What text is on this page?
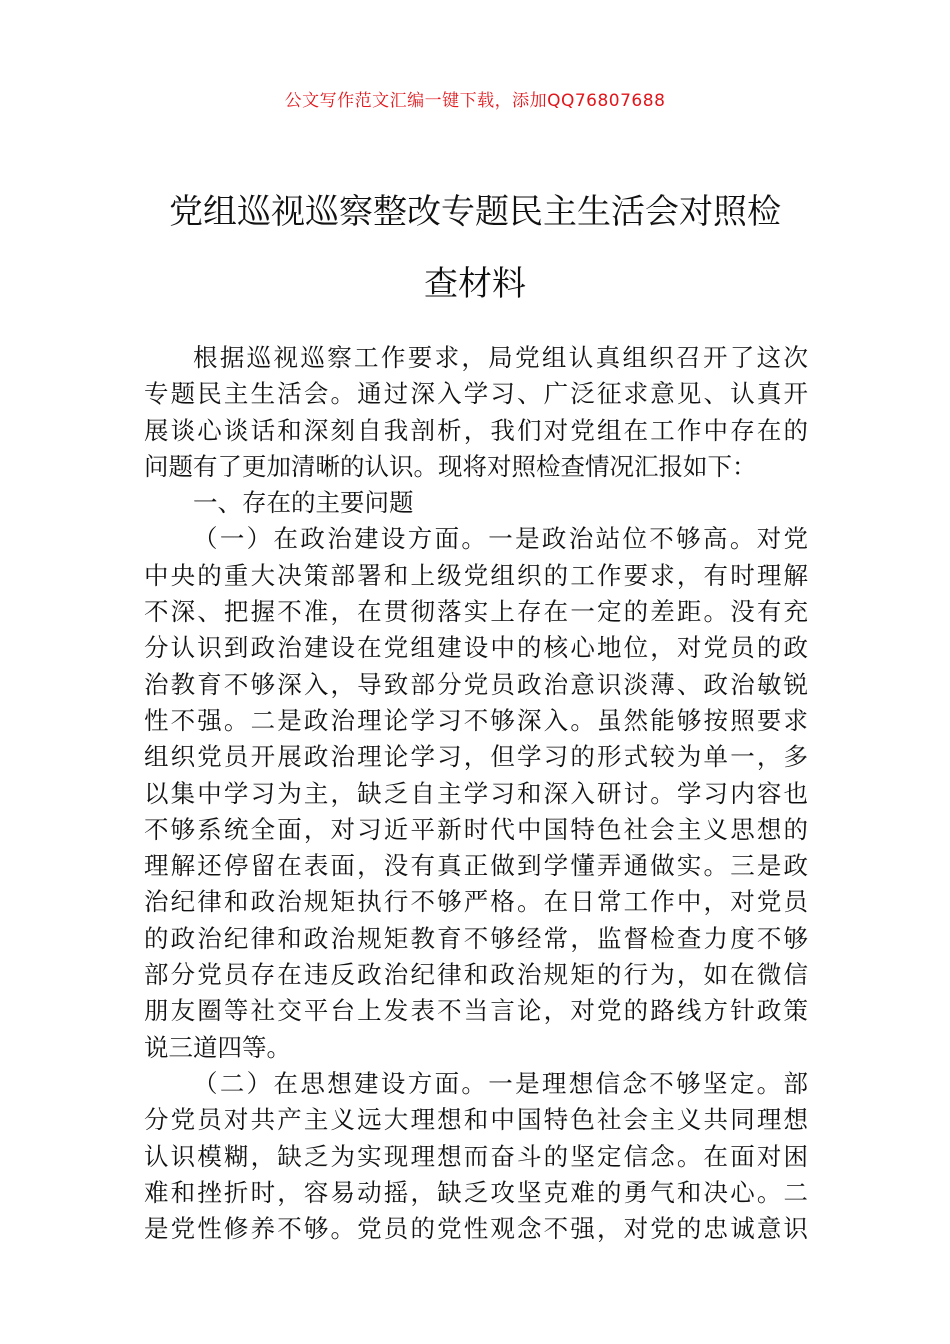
公文写作范文汇编一键下载，添加QQ76807688
党组巡视巡察整改专题民主生活会对照检
查材料
根据巡视巡察工作要求，局党组认真组织召开了这次
专题民主生活会。通过深入学习、广泛征求意见、认真开
展谈心谈话和深刻自我剖析，我们对党组在工作中存在的
问题有了更加清晰的认识。现将对照检查情况汇报如下：
一、存在的主要问题
（一）在政治建设方面。一是政治站位不够高。对党
中央的重大决策部署和上级党组织的工作要求，有时理解
不深、把握不准，在贯彻落实上存在一定的差距。没有充
分认识到政治建设在党组建设中的核心地位，对党员的政
治教育不够深入，导致部分党员政治意识淡薄、政治敏锐
性不强。二是政治理论学习不够深入。虽然能够按照要求
组织党员开展政治理论学习，但学习的形式较为单一，多
以集中学习为主，缺乏自主学习和深入研讨。学习内容也
不够系统全面，对习近平新时代中国特色社会主义思想的
理解还停留在表面，没有真正做到学懂弄通做实。三是政
治纪律和政治规矩执行不够严格。在日常工作中，对党员
的政治纪律和政治规矩教育不够经常，监督检查力度不够
部分党员存在违反政治纪律和政治规矩的行为，如在微信
朋友圈等社交平台上发表不当言论，对党的路线方针政策
说三道四等。
（二）在思想建设方面。一是理想信念不够坚定。部
分党员对共产主义远大理想和中国特色社会主义共同理想
认识模糊，缺乏为实现理想而奋斗的坚定信念。在面对困
难和挫折时，容易动摇，缺乏攻坚克难的勇气和决心。二
是党性修养不够。党员的党性观念不强，对党的忠诚意识
